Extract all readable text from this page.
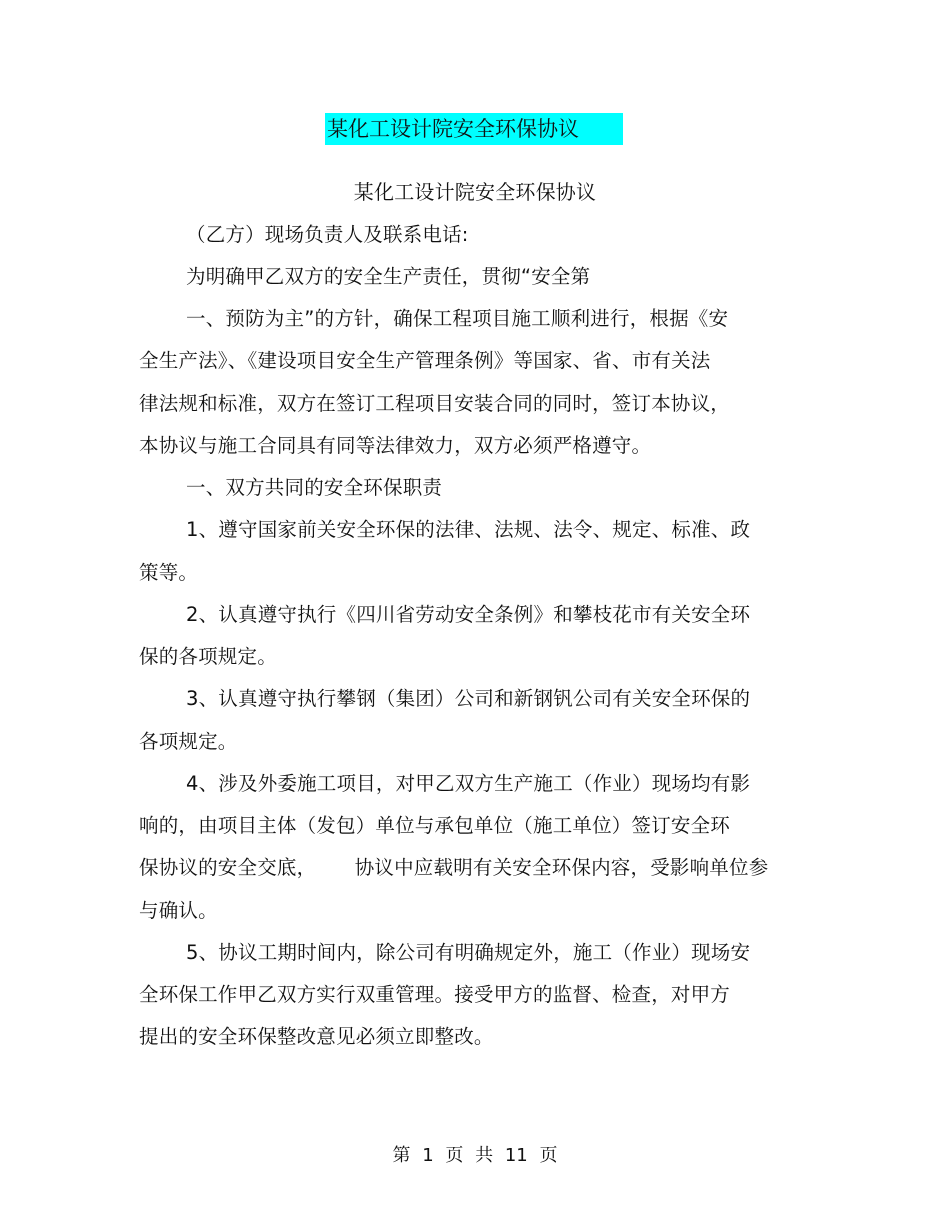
某化工设计院安全环保协议
某化工设计院安全环保协议
（乙方）现场负责人及联系电话:
为明确甲乙双方的安全生产责任，贯彻“安全第
一、预防为主”的方针，确保工程项目施工顺利进行，根据《安
全生产法》、《建设项目安全生产管理条例》等国家、省、市有关法
律法规和标准，双方在签订工程项目安装合同的同时，签订本协议，
本协议与施工合同具有同等法律效力，双方必须严格遵守。
一、双方共同的安全环保职责
1、遵守国家前关安全环保的法律、法规、法令、规定、标准、政
策等。
2、认真遵守执行《四川省劳动安全条例》和攀枝花市有关安全环
保的各项规定。
3、认真遵守执行攀钢（集团）公司和新钢钒公司有关安全环保的
各项规定。
4、涉及外委施工项目，对甲乙双方生产施工（作业）现场均有影
响的，由项目主体（发包）单位与承包单位（施工单位）签订安全环
保协议的安全交底，      协议中应载明有关安全环保内容，受影响单位参
与确认。
5、协议工期时间内，除公司有明确规定外，施工（作业）现场安
全环保工作甲乙双方实行双重管理。接受甲方的监督、检查，对甲方
提出的安全环保整改意见必须立即整改。
第 1 页 共 11 页
